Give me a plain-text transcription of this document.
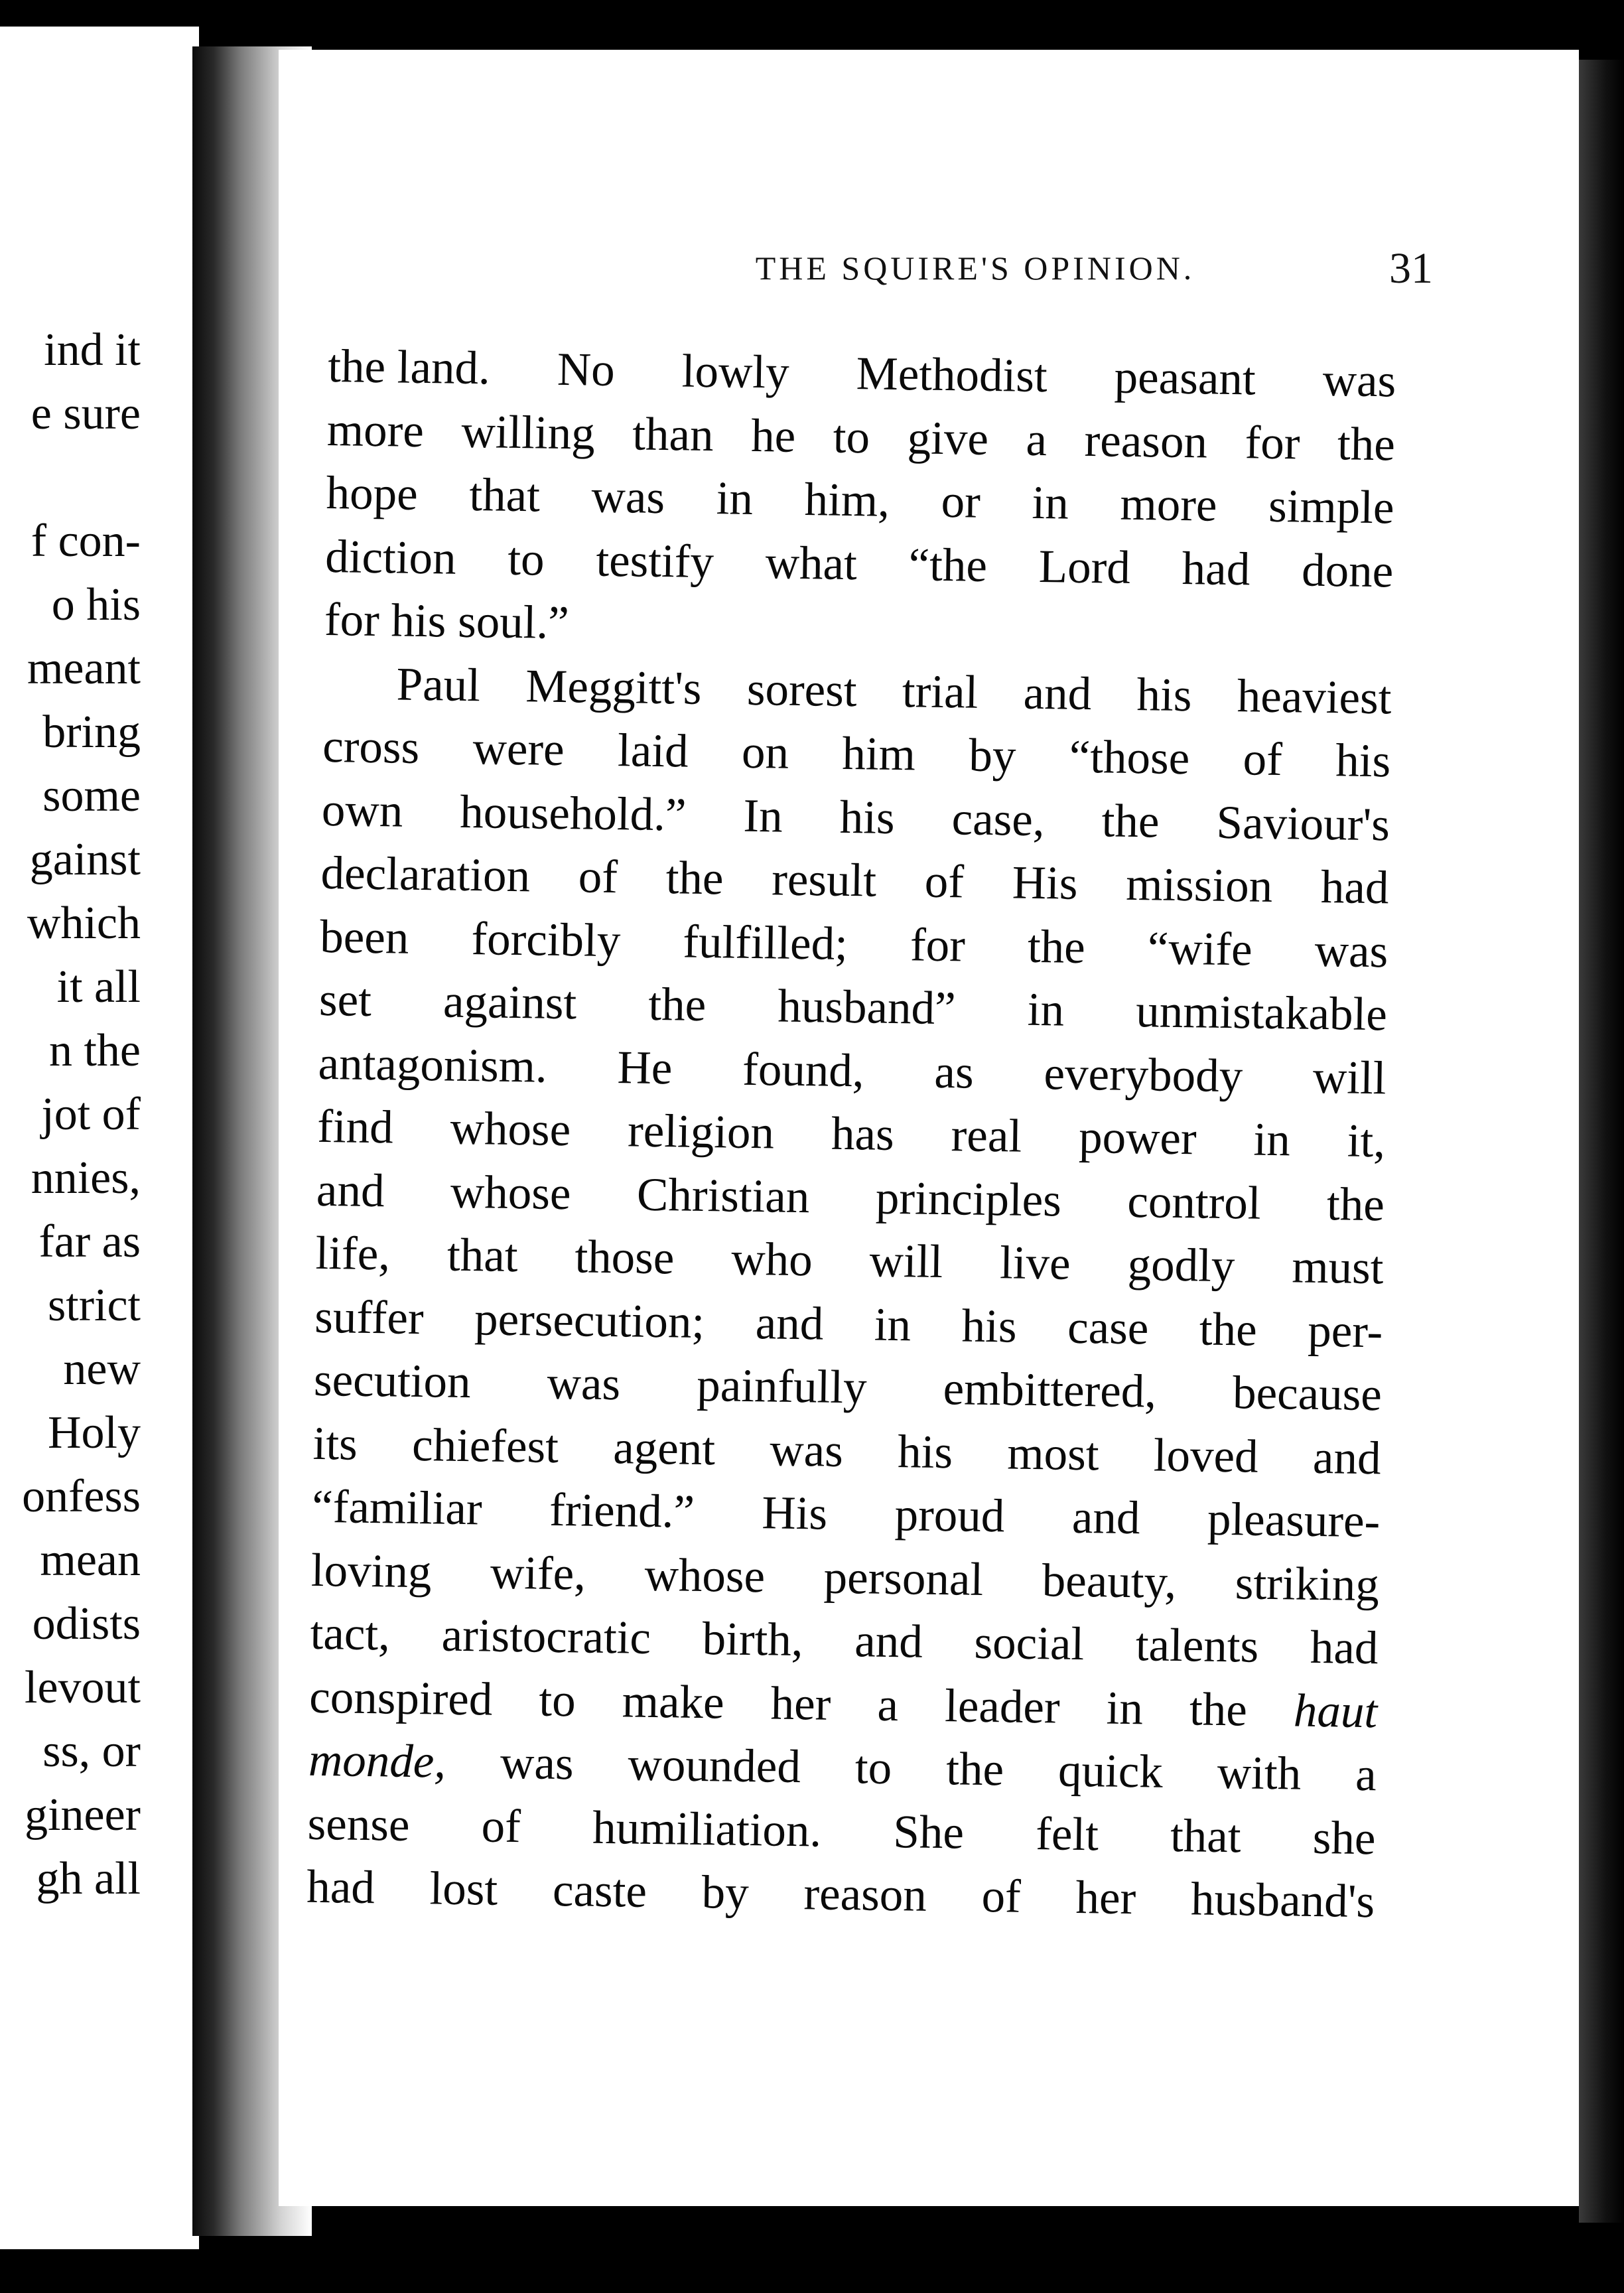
ind it
e sure
f con-
o his
meant
bring
some
gainst
which
it all
n the
jot of
nnies,
far as
strict
new
Holy
onfess
mean
odists
levout
ss, or
gineer
gh all
THE SQUIRE'S OPINION.	31
the land. No lowly Methodist peasant was
more willing than he to give a reason for the
hope that was in him, or in more simple
diction to testify what “the Lord had done
for his soul.”
Paul Meggitt's sorest trial and his heaviest
cross were laid on him by “those of his
own household.” In his case, the Saviour's
declaration of the result of His mission had
been forcibly fulfilled; for the “wife was
set against the husband” in unmistakable
antagonism. He found, as everybody will
find whose religion has real power in it,
and whose Christian principles control the
life, that those who will live godly must
suffer persecution; and in his case the per-
secution was painfully embittered, because
its chiefest agent was his most loved and
“familiar friend.” His proud and pleasure-
loving wife, whose personal beauty, striking
tact, aristocratic birth, and social talents had
conspired to make her a leader in the haut
monde, was wounded to the quick with a
sense of humiliation. She felt that she
had lost caste by reason of her husband's
